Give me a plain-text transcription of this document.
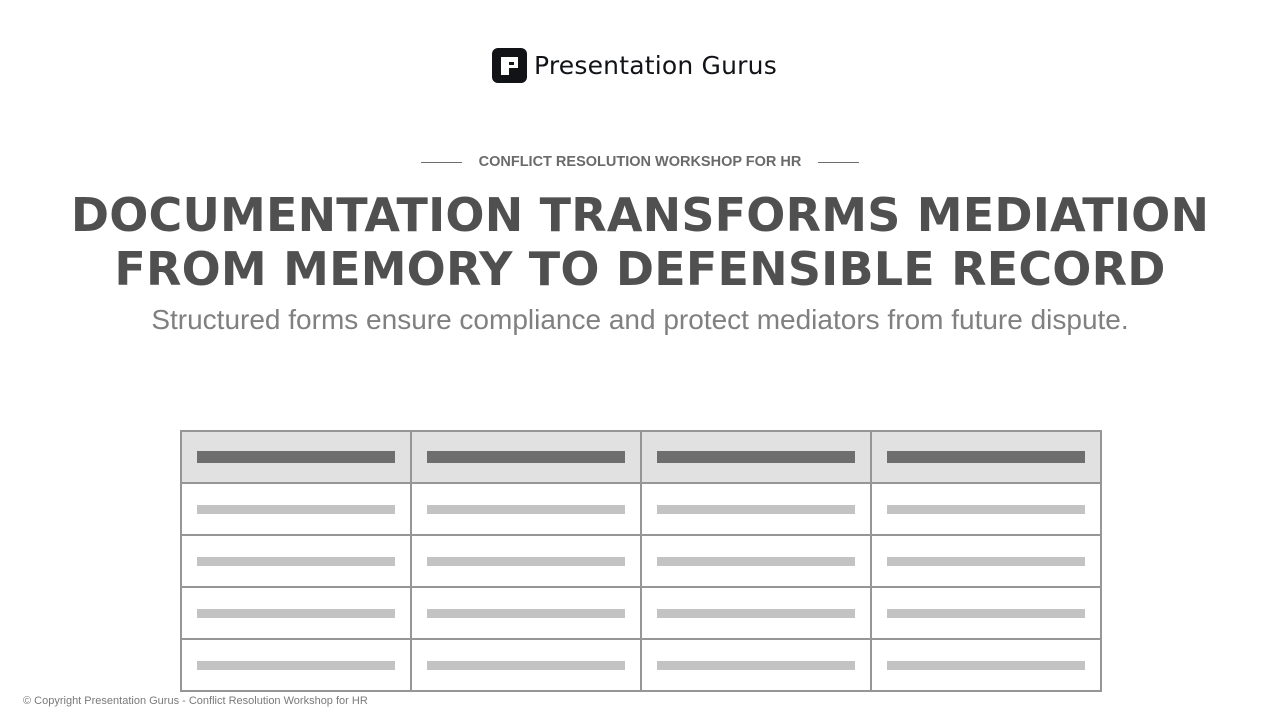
Presentation Gurus
CONFLICT RESOLUTION WORKSHOP FOR HR
DOCUMENTATION TRANSFORMS MEDIATION FROM MEMORY TO DEFENSIBLE RECORD

Structured forms ensure compliance and protect mediators from future dispute.

© Copyright Presentation Gurus - Conflict Resolution Workshop for HR
